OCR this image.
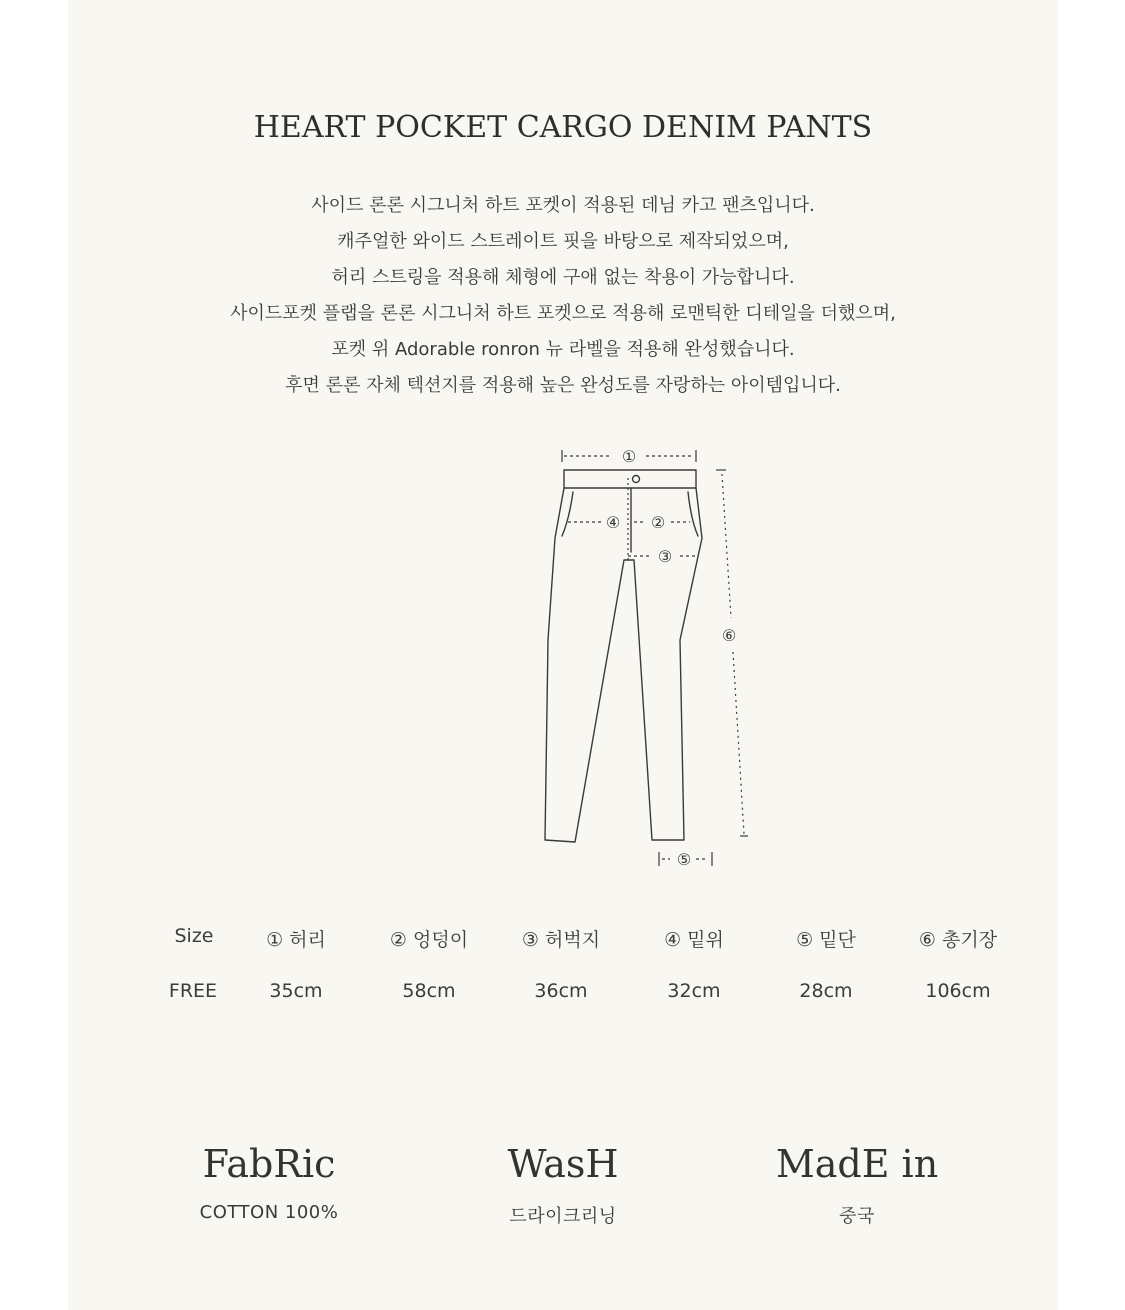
HEART POCKET CARGO DENIM PANTS
사이드 론론 시그니처 하트 포켓이 적용된 데님 카고 팬츠입니다.
캐주얼한 와이드 스트레이트 핏을 바탕으로 제작되었으며,
허리 스트링을 적용해 체형에 구애 없는 착용이 가능합니다.
사이드포켓 플랩을 론론 시그니처 하트 포켓으로 적용해 로맨틱한 디테일을 더했으며,
포켓 위 Adorable ronron 뉴 라벨을 적용해 완성했습니다.
후면 론론 자체 텍션지를 적용해 높은 완성도를 자랑하는 아이템입니다.
①
④ ②
③
⑥
⑤
Size	① 허리	② 엉덩이	③ 허벅지	④ 밑위	⑤ 밑단	⑥ 총기장
FREE	35cm	58cm	36cm	32cm	28cm	106cm
FabRic
COTTON 100%
WasH
드라이크리닝
MadE in
중국
